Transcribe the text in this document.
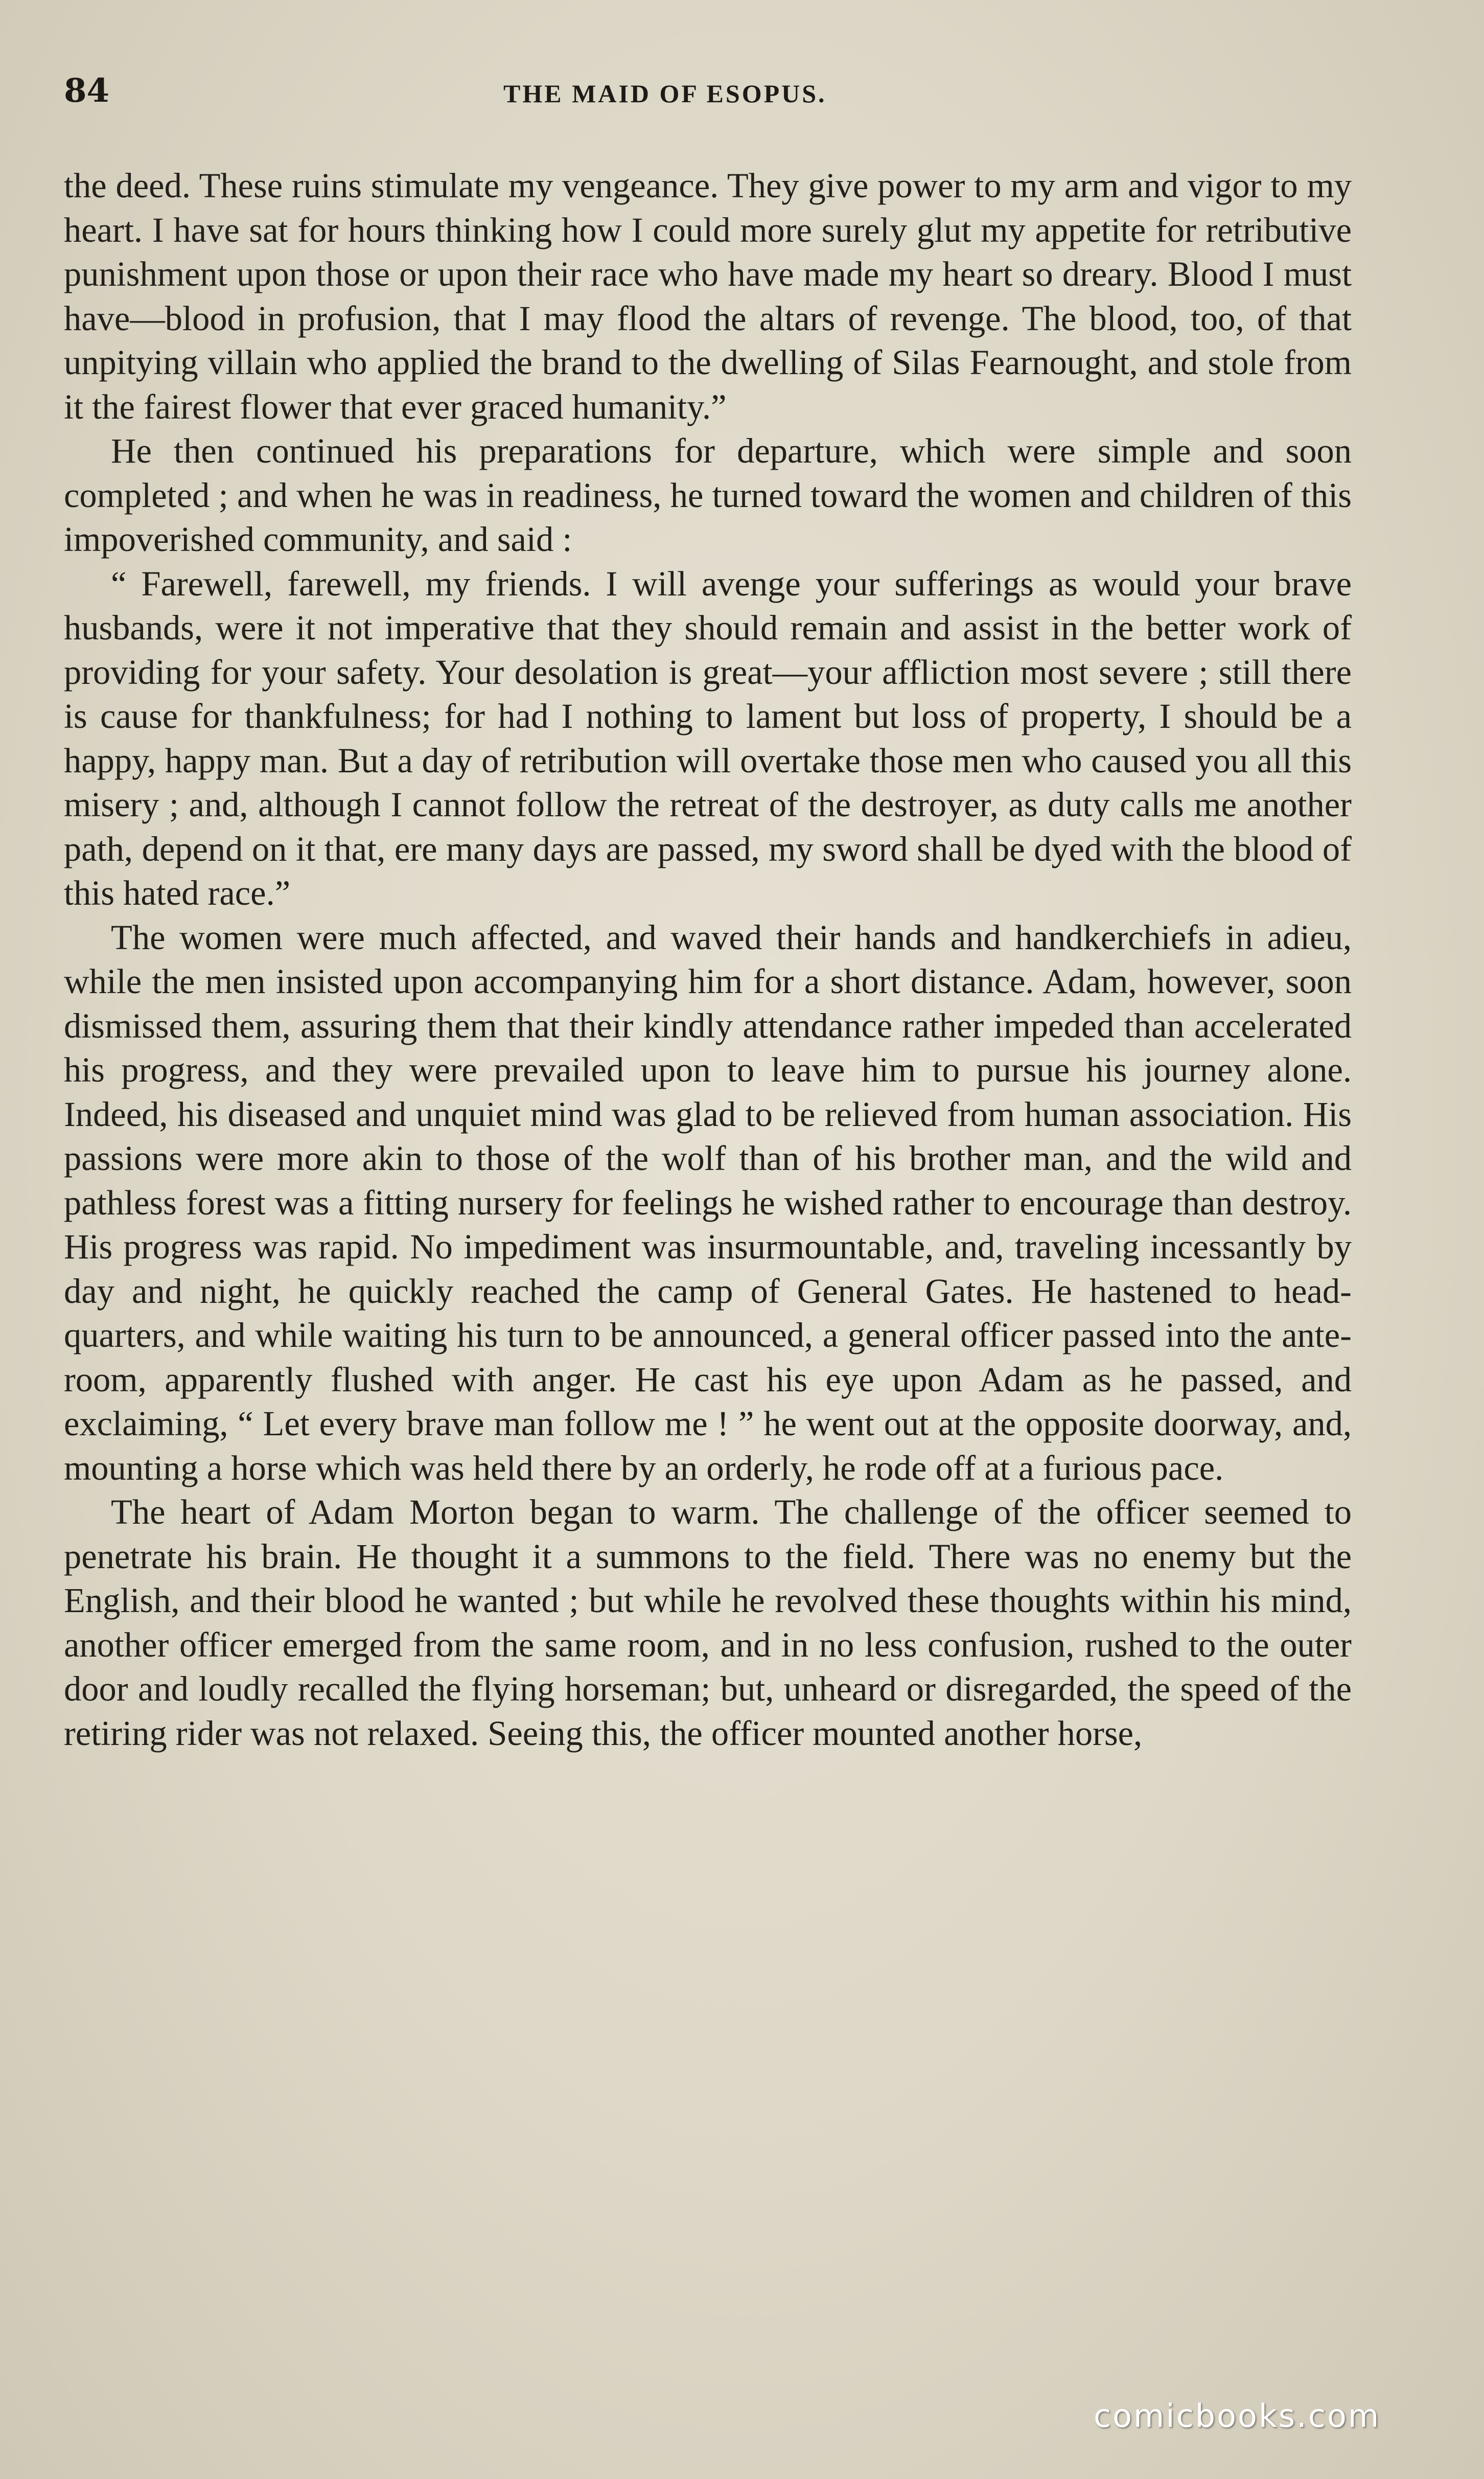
84	THE MAID OF ESOPUS.

the deed. These ruins stimulate my vengeance. They give power to my arm and vigor to my heart. I have sat for hours thinking how I could more surely glut my appetite for retributive punishment upon those or upon their race who have made my heart so dreary. Blood I must have—blood in profusion, that I may flood the altars of revenge. The blood, too, of that unpitying villain who applied the brand to the dwelling of Silas Fearnought, and stole from it the fairest flower that ever graced humanity.”

He then continued his preparations for departure, which were simple and soon completed ; and when he was in readiness, he turned toward the women and children of this impoverished community, and said :

“ Farewell, farewell, my friends. I will avenge your sufferings as would your brave husbands, were it not imperative that they should remain and assist in the better work of providing for your safety. Your desolation is great—your affliction most severe ; still there is cause for thankfulness; for had I nothing to lament but loss of property, I should be a happy, happy man. But a day of retribution will overtake those men who caused you all this misery ; and, although I cannot follow the retreat of the destroyer, as duty calls me another path, depend on it that, ere many days are passed, my sword shall be dyed with the blood of this hated race.”

The women were much affected, and waved their hands and handkerchiefs in adieu, while the men insisted upon accompanying him for a short distance. Adam, however, soon dismissed them, assuring them that their kindly attendance rather impeded than accelerated his progress, and they were prevailed upon to leave him to pursue his journey alone. Indeed, his diseased and unquiet mind was glad to be relieved from human association. His passions were more akin to those of the wolf than of his brother man, and the wild and pathless forest was a fitting nursery for feelings he wished rather to encourage than destroy. His progress was rapid. No impediment was insurmountable, and, traveling incessantly by day and night, he quickly reached the camp of General Gates. He hastened to head-quarters, and while waiting his turn to be announced, a general officer passed into the ante-room, apparently flushed with anger. He cast his eye upon Adam as he passed, and exclaiming, “ Let every brave man follow me ! ” he went out at the opposite doorway, and, mounting a horse which was held there by an orderly, he rode off at a furious pace.

The heart of Adam Morton began to warm. The challenge of the officer seemed to penetrate his brain. He thought it a summons to the field. There was no enemy but the English, and their blood he wanted ; but while he revolved these thoughts within his mind, another officer emerged from the same room, and in no less confusion, rushed to the outer door and loudly recalled the flying horseman; but, unheard or disregarded, the speed of the retiring rider was not relaxed. Seeing this, the officer mounted another horse,

comicbooks.com
